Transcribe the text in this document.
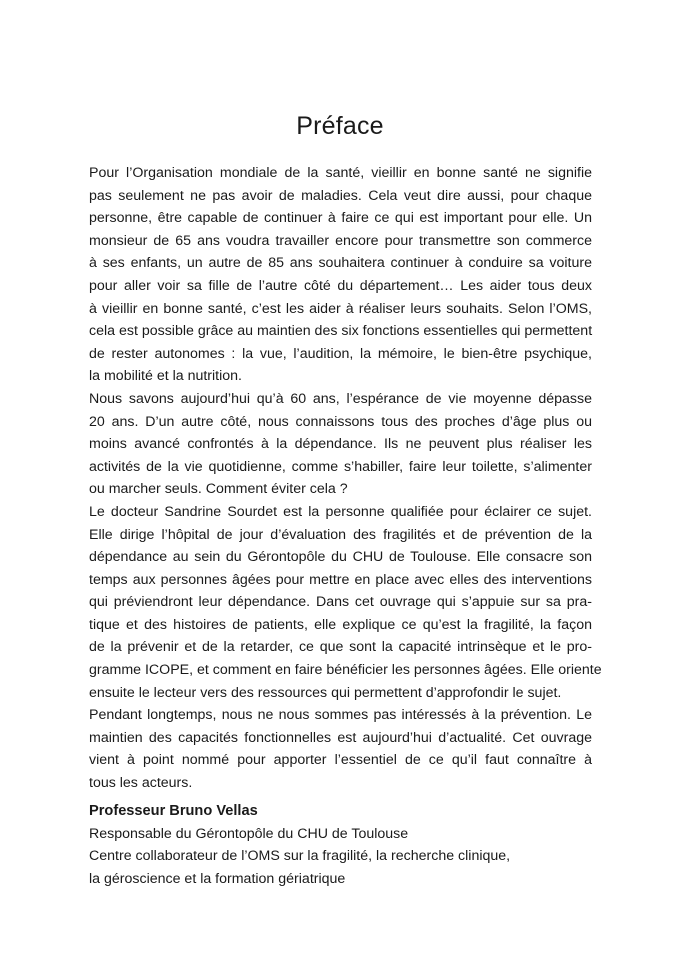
Préface

Pour l’Organisation mondiale de la santé, vieillir en bonne santé ne signifie
pas seulement ne pas avoir de maladies. Cela veut dire aussi, pour chaque
personne, être capable de continuer à faire ce qui est important pour elle. Un
monsieur de 65 ans voudra travailler encore pour transmettre son commerce
à ses enfants, un autre de 85 ans souhaitera continuer à conduire sa voiture
pour aller voir sa fille de l’autre côté du département… Les aider tous deux
à vieillir en bonne santé, c’est les aider à réaliser leurs souhaits. Selon l’OMS,
cela est possible grâce au maintien des six fonctions essentielles qui permettent
de rester autonomes : la vue, l’audition, la mémoire, le bien-être psychique,
la mobilité et la nutrition.

Nous savons aujourd’hui qu’à 60 ans, l’espérance de vie moyenne dépasse
20 ans. D’un autre côté, nous connaissons tous des proches d’âge plus ou
moins avancé confrontés à la dépendance. Ils ne peuvent plus réaliser les
activités de la vie quotidienne, comme s’habiller, faire leur toilette, s’alimenter
ou marcher seuls. Comment éviter cela ?

Le docteur Sandrine Sourdet est la personne qualifiée pour éclairer ce sujet.
Elle dirige l’hôpital de jour d’évaluation des fragilités et de prévention de la
dépendance au sein du Gérontopôle du CHU de Toulouse. Elle consacre son
temps aux personnes âgées pour mettre en place avec elles des interventions
qui préviendront leur dépendance. Dans cet ouvrage qui s’appuie sur sa pra-
tique et des histoires de patients, elle explique ce qu’est la fragilité, la façon
de la prévenir et de la retarder, ce que sont la capacité intrinsèque et le pro-
gramme ICOPE, et comment en faire bénéficier les personnes âgées. Elle oriente
ensuite le lecteur vers des ressources qui permettent d’approfondir le sujet.

Pendant longtemps, nous ne nous sommes pas intéressés à la prévention. Le
maintien des capacités fonctionnelles est aujourd’hui d’actualité. Cet ouvrage
vient à point nommé pour apporter l’essentiel de ce qu’il faut connaître à
tous les acteurs.

Professeur Bruno Vellas
Responsable du Gérontopôle du CHU de Toulouse
Centre collaborateur de l’OMS sur la fragilité, la recherche clinique,
la géroscience et la formation gériatrique
